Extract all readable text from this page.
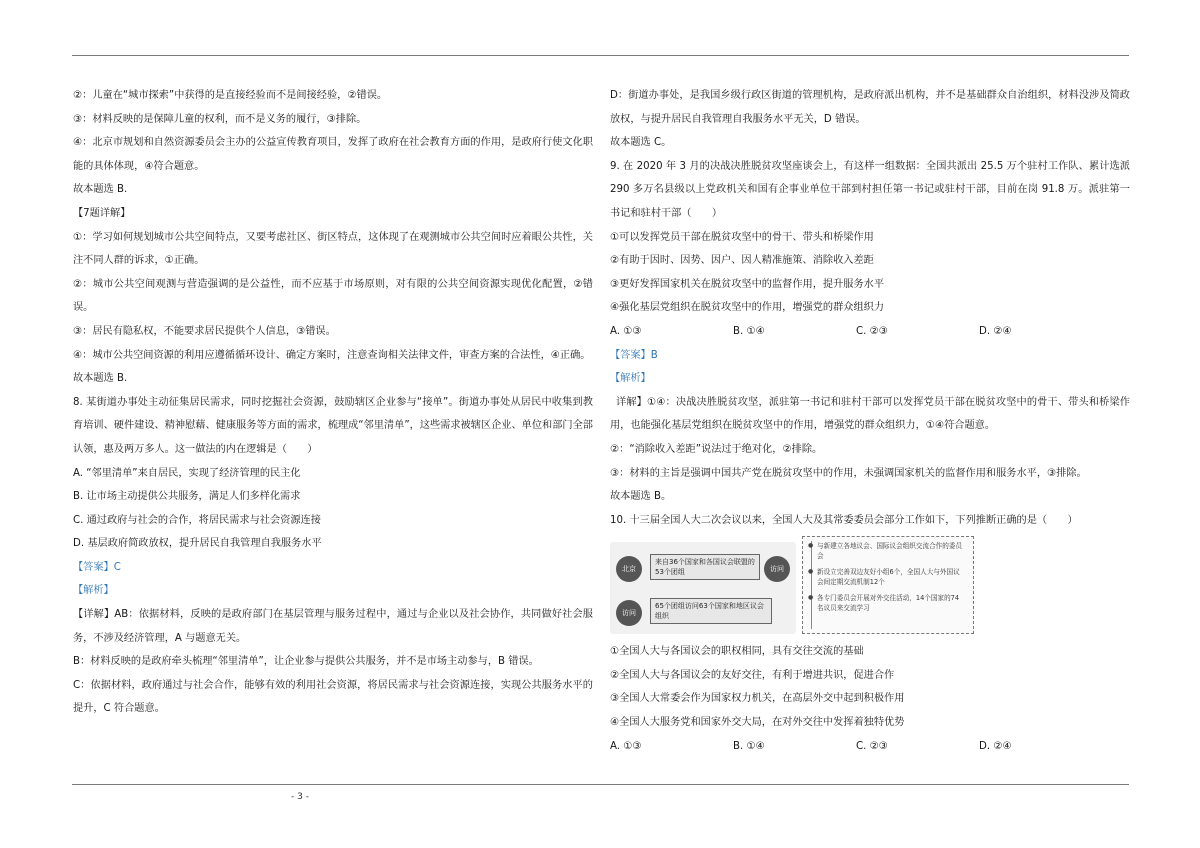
②：儿童在“城市探索”中获得的是直接经验而不是间接经验，②错误。

③：材料反映的是保障儿童的权利，而不是义务的履行，③排除。

④：北京市规划和自然资源委员会主办的公益宣传教育项目，发挥了政府在社会教育方面的作用，是政府行使文化职能的具体体现，④符合题意。

故本题选 B.

【7题详解】

①：学习如何规划城市公共空间特点，又要考虑社区、街区特点，这体现了在观测城市公共空间时应着眼公共性，关注不同人群的诉求，①正确。

②：城市公共空间观测与营造强调的是公益性，而不应基于市场原则，对有限的公共空间资源实现优化配置，②错误。

③：居民有隐私权，不能要求居民提供个人信息，③错误。

④：城市公共空间资源的利用应遵循循环设计、确定方案时，注意查询相关法律文件，审查方案的合法性，④正确。

故本题选 B.

8. 某街道办事处主动征集居民需求，同时挖掘社会资源，鼓励辖区企业参与“接单”。街道办事处从居民中收集到教育培训、硬件建设、精神慰藉、健康服务等方面的需求，梳理成“邻里清单”，这些需求被辖区企业、单位和部门全部认领，惠及两万多人。这一做法的内在逻辑是（　　）

A. “邻里清单”来自居民，实现了经济管理的民主化

B. 让市场主动提供公共服务，满足人们多样化需求

C. 通过政府与社会的合作，将居民需求与社会资源连接

D. 基层政府简政放权，提升居民自我管理自我服务水平

【答案】C

【解析】

【详解】AB：依据材料，反映的是政府部门在基层管理与服务过程中，通过与企业以及社会协作，共同做好社会服务，不涉及经济管理，A 与题意无关。

B：材料反映的是政府牵头梳理“邻里清单”，让企业参与提供公共服务，并不是市场主动参与，B 错误。

C：依据材料，政府通过与社会合作，能够有效的利用社会资源，将居民需求与社会资源连接，实现公共服务水平的提升，C 符合题意。

D：街道办事处，是我国乡级行政区街道的管理机构，是政府派出机构，并不是基础群众自治组织，材料没涉及简政放权，与提升居民自我管理自我服务水平无关，D 错误。

故本题选 C。

9. 在 2020 年 3 月的决战决胜脱贫攻坚座谈会上，有这样一组数据：全国共派出 25.5 万个驻村工作队、累计选派 290 多万名县级以上党政机关和国有企事业单位干部到村担任第一书记或驻村干部，目前在岗 91.8 万。派驻第一书记和驻村干部（　　）

①可以发挥党员干部在脱贫攻坚中的骨干、带头和桥梁作用

②有助于因时、因势、因户、因人精准施策、消除收入差距

③更好发挥国家机关在脱贫攻坚中的监督作用，提升服务水平

④强化基层党组织在脱贫攻坚中的作用，增强党的群众组织力

A. ①③	B. ①④	C. ②③	D. ②④

【答案】B

【解析】

详解】①④：决战决胜脱贫攻坚，派驻第一书记和驻村干部可以发挥党员干部在脱贫攻坚中的骨干、带头和桥梁作用，也能强化基层党组织在脱贫攻坚中的作用，增强党的群众组织力，①④符合题意。

②：“消除收入差距”说法过于绝对化，②排除。

③：材料的主旨是强调中国共产党在脱贫攻坚中的作用，未强调国家机关的监督作用和服务水平，③排除。

故本题选 B。

10. 十三届全国人大二次会议以来，全国人大及其常委委员会部分工作如下，下列推断正确的是（　　）

北京
来自36个国家和各国议会联盟的53个团组	访问
访问
65个团组访问63个国家和地区议会组织
● 与新建立各地议会、国际议会组织交流合作的委员会
● 新设立完善双边友好小组6个，全国人大与外国议会间定期交流机制12个
● 各专门委员会开展对外交往活动，14个国家的74名议员来交流学习

①全国人大与各国议会的职权相同，具有交往交流的基础

②全国人大与各国议会的友好交往，有利于增进共识，促进合作

③全国人大常委会作为国家权力机关，在高层外交中起到积极作用

④全国人大服务党和国家外交大局，在对外交往中发挥着独特优势

A. ①③	B. ①④	C. ②③	D. ②④
- 3 -
